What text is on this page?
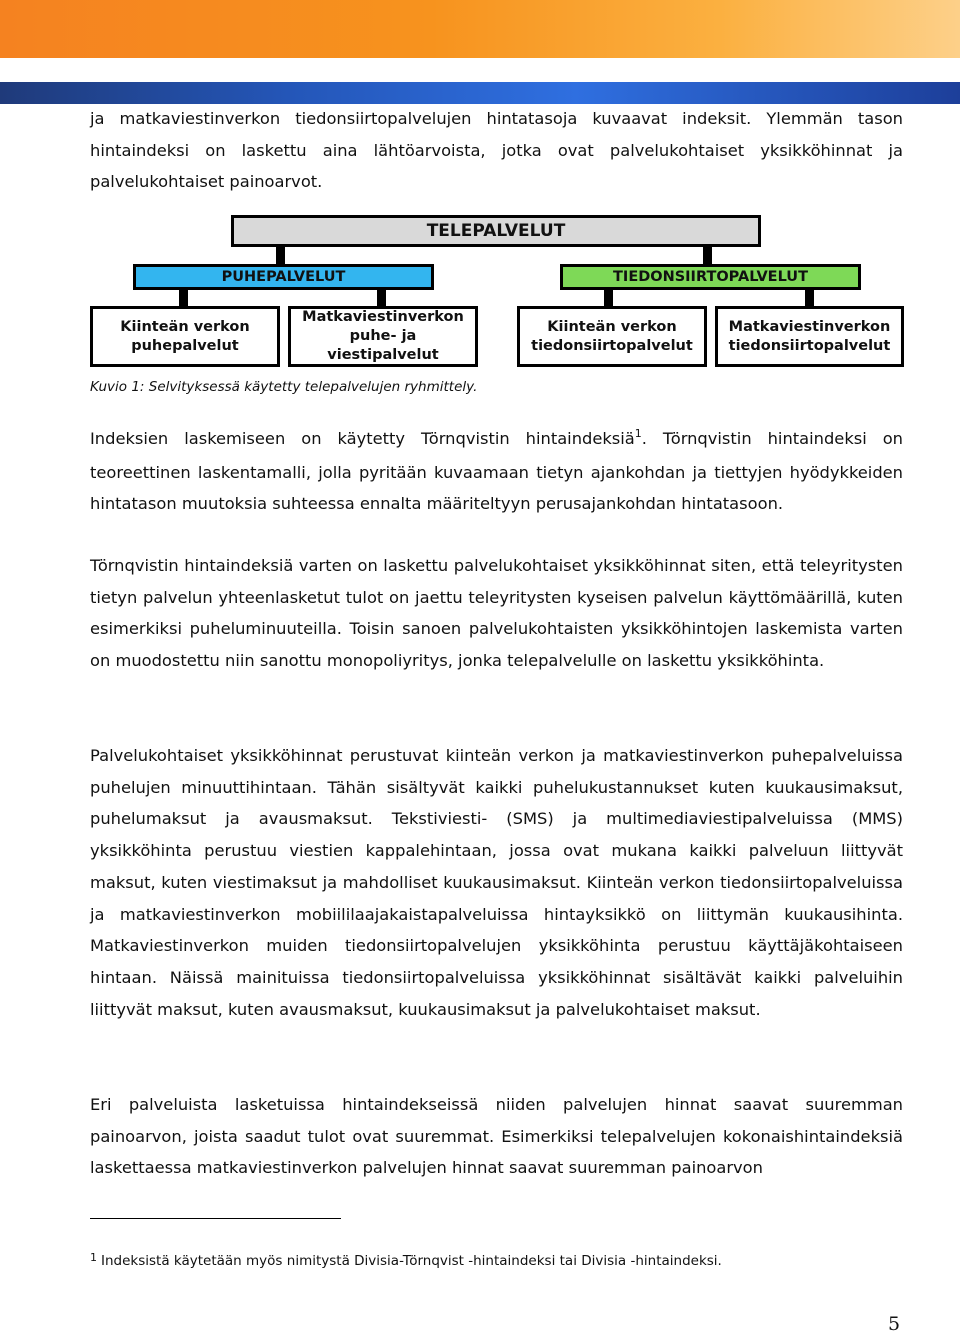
ja matkaviestinverkon tiedonsiirtopalvelujen hintatasoja kuvaavat indeksit. Ylemmän tason hintaindeksi on laskettu aina lähtöarvoista, jotka ovat palvelukohtaiset yksikköhinnat ja palvelukohtaiset painoarvot.

TELEPALVELUT
PUHEPALVELUT	TIEDONSIIRTOPALVELUT
Kiinteän verkon puhepalvelut
Matkaviestinverkon puhe- ja viestipalvelut
Kiinteän verkon tiedonsiirtopalvelut
Matkaviestinverkon tiedonsiirtopalvelut
Kuvio 1: Selvityksessä käytetty telepalvelujen ryhmittely.

Indeksien laskemiseen on käytetty Törnqvistin hintaindeksiä$^1$. Törnqvistin hintaindeksi on teoreettinen laskentamalli, jolla pyritään kuvaamaan tietyn ajankohdan ja tiettyjen hyödykkeiden hintatason muutoksia suhteessa ennalta määriteltyyn perusajankohdan hintatasoon.

Törnqvistin hintaindeksiä varten on laskettu palvelukohtaiset yksikköhinnat siten, että teleyritysten tietyn palvelun yhteenlasketut tulot on jaettu teleyritysten kyseisen palvelun käyttömäärillä, kuten esimerkiksi puheluminuuteilla. Toisin sanoen palvelukohtaisten yksikköhintojen laskemista varten on muodostettu niin sanottu monopoliyritys, jonka telepalvelulle on laskettu yksikköhinta.

Palvelukohtaiset yksikköhinnat perustuvat kiinteän verkon ja matkaviestinverkon puhepalveluissa puhelujen minuuttihintaan. Tähän sisältyvät kaikki puhelukustannukset kuten kuukausimaksut, puhelumaksut ja avausmaksut. Tekstiviesti- (SMS) ja multimediaviestipalveluissa (MMS) yksikköhinta perustuu viestien kappalehintaan, jossa ovat mukana kaikki palveluun liittyvät maksut, kuten viestimaksut ja mahdolliset kuukausimaksut. Kiinteän verkon tiedonsiirtopalveluissa ja matkaviestinverkon mobiililaajakaistapalveluissa hintayksikkö on liittymän kuukausihinta. Matkaviestinverkon muiden tiedonsiirtopalvelujen yksikköhinta perustuu käyttäjäkohtaiseen hintaan. Näissä mainituissa tiedonsiirtopalveluissa yksikköhinnat sisältävät kaikki palveluihin liittyvät maksut, kuten avausmaksut, kuukausimaksut ja palvelukohtaiset maksut.

Eri palveluista lasketuissa hintaindekseissä niiden palvelujen hinnat saavat suuremman painoarvon, joista saadut tulot ovat suuremmat. Esimerkiksi telepalvelujen kokonaishintaindeksiä laskettaessa matkaviestinverkon palvelujen hinnat saavat suuremman painoarvon

$^1$ Indeksistä käytetään myös nimitystä Divisia-Törnqvist -hintaindeksi tai Divisia -hintaindeksi.
5
